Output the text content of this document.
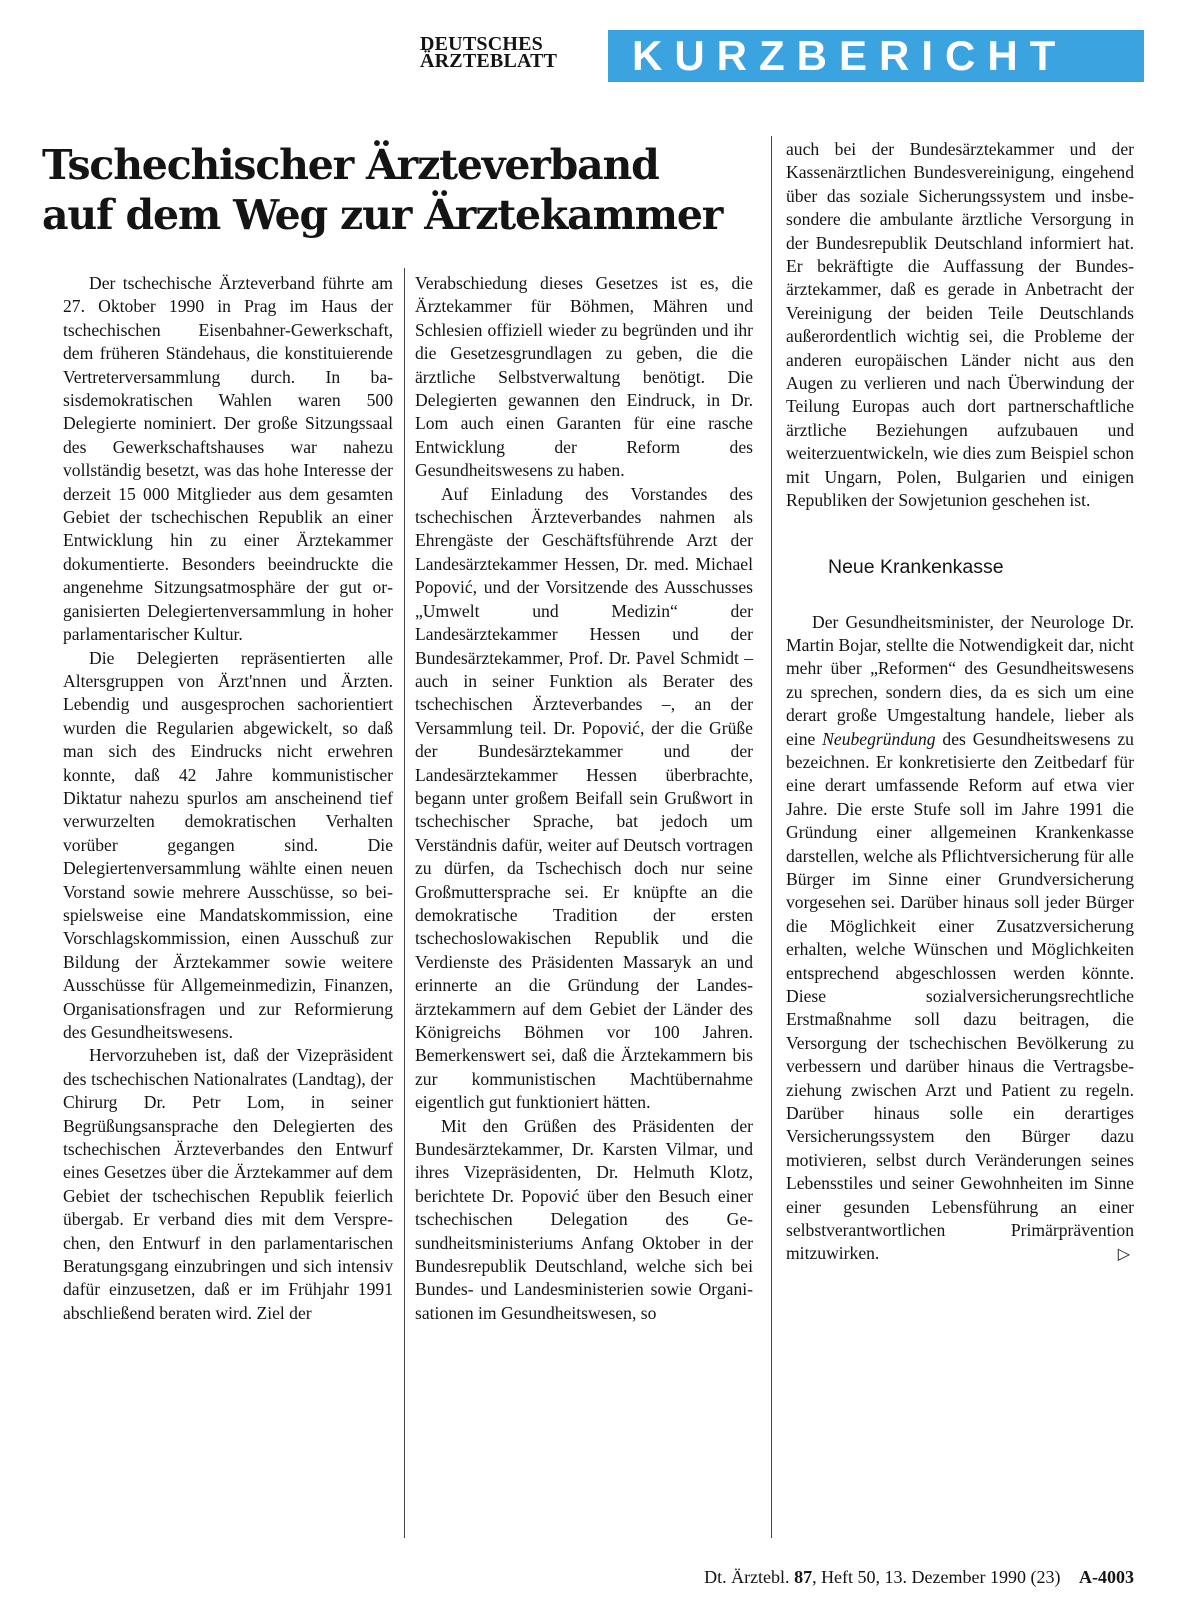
DEUTSCHES
ÄRZTEBLATT	KURZBERICHT
Tschechischer Ärzteverband
auf dem Weg zur Ärztekammer

Der tschechische Ärzteverband führte am 27. Oktober 1990 in Prag im Haus der tschechischen Eisenbahner-Gewerkschaft, dem früheren Ständehaus, die konstituierende Vertreterversammlung durch. In basisdemokratischen Wahlen waren 500 Delegierte nominiert. Der große Sitzungssaal des Gewerkschaftshauses war nahezu vollständig besetzt, was das hohe Interesse der derzeit 15 000 Mitglieder aus dem gesamten Gebiet der tschechischen Republik an einer Entwicklung hin zu einer Ärztekammer dokumentierte. Besonders beeindruckte die angenehme Sitzungsatmosphäre der gut organisierten Delegiertenversammlung in hoher parlamentarischer Kultur.

Die Delegierten repräsentierten alle Altersgruppen von Ärzt'nnen und Ärzten. Lebendig und ausgesprochen sachorientiert wurden die Regularien abgewickelt, so daß man sich des Eindrucks nicht erwehren konnte, daß 42 Jahre kommunistischer Diktatur nahezu spurlos am anscheinend tief verwurzelten demokratischen Verhalten vorüber gegangen sind. Die Delegiertenversammlung wählte einen neuen Vorstand sowie mehrere Ausschüsse, so beispielsweise eine Mandatskommission, eine Vorschlagskommission, einen Ausschuß zur Bildung der Ärztekammer sowie weitere Ausschüsse für Allgemeinmedizin, Finanzen, Organisationsfragen und zur Reformierung des Gesundheitswesens.

Hervorzuheben ist, daß der Vizepräsident des tschechischen Nationalrates (Landtag), der Chirurg Dr. Petr Lom, in seiner Begrüßungsansprache den Delegierten des tschechischen Ärzteverbandes den Entwurf eines Gesetzes über die Ärztekammer auf dem Gebiet der tschechischen Republik feierlich übergab. Er verband dies mit dem Versprechen, den Entwurf in den parlamentarischen Beratungsgang einzubringen und sich intensiv dafür einzusetzen, daß er im Frühjahr 1991 abschließend beraten wird. Ziel der

Verabschiedung dieses Gesetzes ist es, die Ärztekammer für Böhmen, Mähren und Schlesien offiziell wieder zu begründen und ihr die Gesetzesgrundlagen zu geben, die die ärztliche Selbstverwaltung benötigt. Die Delegierten gewannen den Eindruck, in Dr. Lom auch einen Garanten für eine rasche Entwicklung der Reform des Gesundheitswesens zu haben.

Auf Einladung des Vorstandes des tschechischen Ärzteverbandes nahmen als Ehrengäste der Geschäftsführende Arzt der Landesärztekammer Hessen, Dr. med. Michael Popović, und der Vorsitzende des Ausschusses „Umwelt und Medizin“ der Landesärztekammer Hessen und der Bundesärztekammer, Prof. Dr. Pavel Schmidt – auch in seiner Funktion als Berater des tschechischen Ärzteverbandes –, an der Versammlung teil. Dr. Popović, der die Grüße der Bundesärztekammer und der Landesärztekammer Hessen überbrachte, begann unter großem Beifall sein Grußwort in tschechischer Sprache, bat jedoch um Verständnis dafür, weiter auf Deutsch vortragen zu dürfen, da Tschechisch doch nur seine Großmuttersprache sei. Er knüpfte an die demokratische Tradition der ersten tschechoslowakischen Republik und die Verdienste des Präsidenten Massaryk an und erinnerte an die Gründung der Landesärztekammern auf dem Gebiet der Länder des Königreichs Böhmen vor 100 Jahren. Bemerkenswert sei, daß die Ärztekammern bis zur kommunistischen Machtübernahme eigentlich gut funktioniert hätten.

Mit den Grüßen des Präsidenten der Bundesärztekammer, Dr. Karsten Vilmar, und ihres Vizepräsidenten, Dr. Helmuth Klotz, berichtete Dr. Popović über den Besuch einer tschechischen Delegation des Gesundheitsministeriums Anfang Oktober in der Bundesrepublik Deutschland, welche sich bei Bundes- und Landesministerien sowie Organisationen im Gesundheitswesen, so

auch bei der Bundesärztekammer und der Kassenärztlichen Bundesvereinigung, eingehend über das soziale Sicherungssystem und insbesondere die ambulante ärztliche Versorgung in der Bundesrepublik Deutschland informiert hat. Er bekräftigte die Auffassung der Bundesärztekammer, daß es gerade in Anbetracht der Vereinigung der beiden Teile Deutschlands außerordentlich wichtig sei, die Probleme der anderen europäischen Länder nicht aus den Augen zu verlieren und nach Überwindung der Teilung Europas auch dort partnerschaftliche ärztliche Beziehungen aufzubauen und weiterzuentwickeln, wie dies zum Beispiel schon mit Ungarn, Polen, Bulgarien und einigen Republiken der Sowjetunion geschehen ist.

Neue Krankenkasse

Der Gesundheitsminister, der Neurologe Dr. Martin Bojar, stellte die Notwendigkeit dar, nicht mehr über „Reformen“ des Gesundheitswesens zu sprechen, sondern dies, da es sich um eine derart große Umgestaltung handele, lieber als eine Neubegründung des Gesundheitswesens zu bezeichnen. Er konkretisierte den Zeitbedarf für eine derart umfassende Reform auf etwa vier Jahre. Die erste Stufe soll im Jahre 1991 die Gründung einer allgemeinen Krankenkasse darstellen, welche als Pflichtversicherung für alle Bürger im Sinne einer Grundversicherung vorgesehen sei. Darüber hinaus soll jeder Bürger die Möglichkeit einer Zusatzversicherung erhalten, welche Wünschen und Möglichkeiten entsprechend abgeschlossen werden könnte. Diese sozialversicherungsrechtliche Erstmaßnahme soll dazu beitragen, die Versorgung der tschechischen Bevölkerung zu verbessern und darüber hinaus die Vertragsbeziehung zwischen Arzt und Patient zu regeln. Darüber hinaus solle ein derartiges Versicherungssystem den Bürger dazu motivieren, selbst durch Veränderungen seines Lebensstiles und seiner Gewohnheiten im Sinne einer gesunden Lebensführung an einer selbstverantwortlichen Primärprävention mitzuwirken.	▷

Dt. Ärztebl. 87, Heft 50, 13. Dezember 1990 (23) A-4003
